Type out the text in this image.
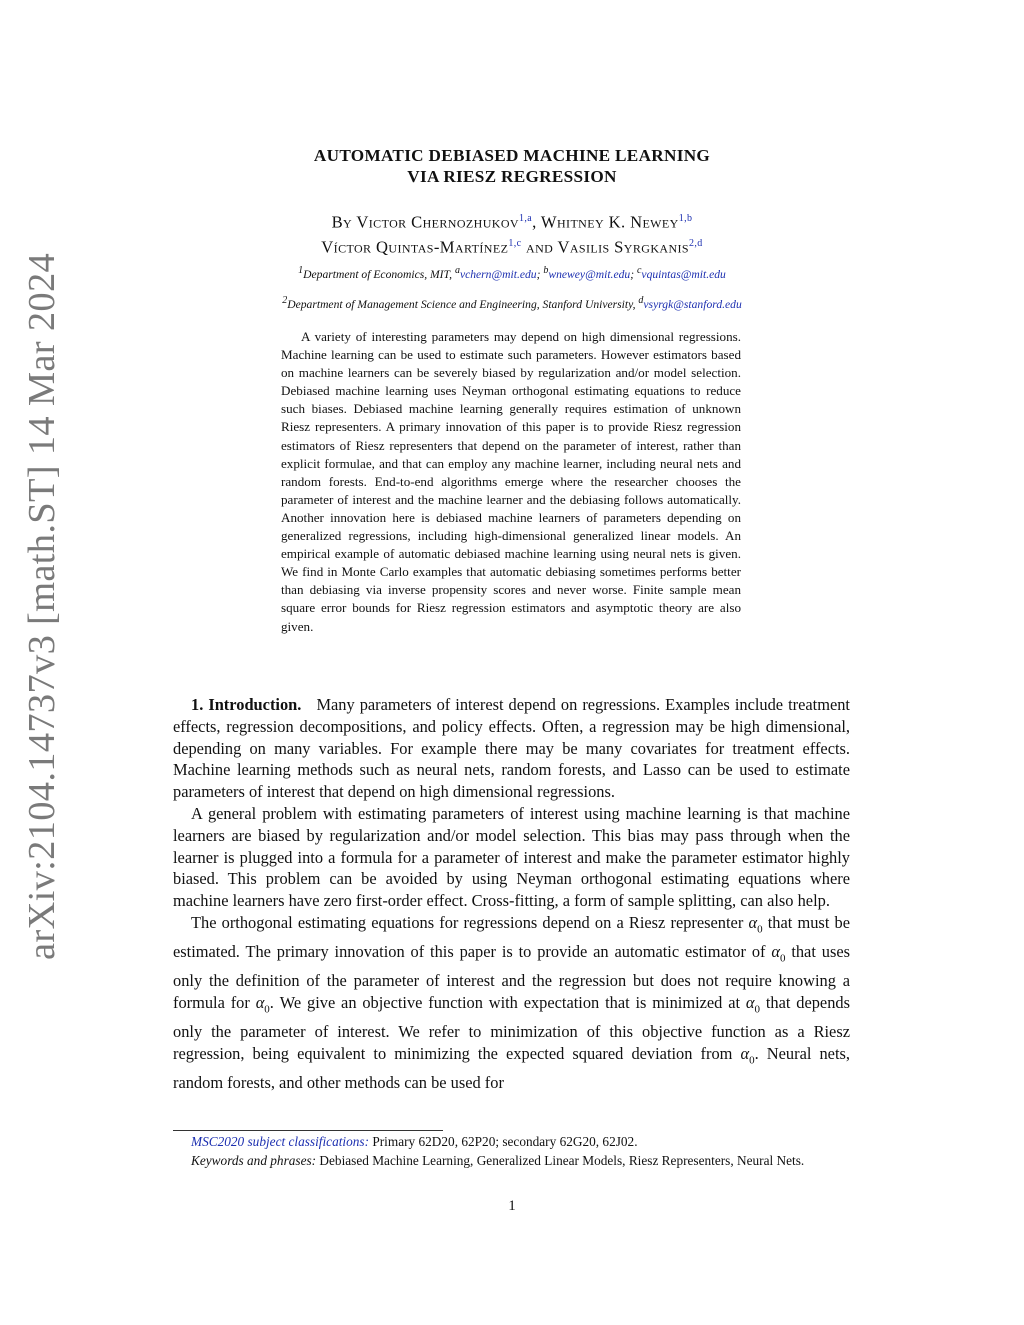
arXiv:2104.14737v3 [math.ST] 14 Mar 2024
AUTOMATIC DEBIASED MACHINE LEARNING
VIA RIESZ REGRESSION
By Victor Chernozhukov$^{1,a}$, Whitney K. Newey$^{1,b}$
Víctor Quintas-Martínez$^{1,c}$ and Vasilis Syrgkanis$^{2,d}$
$^1$Department of Economics, MIT, $^a$vchern@mit.edu; $^b$wnewey@mit.edu; $^c$vquintas@mit.edu
$^2$Department of Management Science and Engineering, Stanford University, $^d$vsyrgk@stanford.edu
A variety of interesting parameters may depend on high dimensional regressions. Machine learning can be used to estimate such parameters. However estimators based on machine learners can be severely biased by regularization and/or model selection. Debiased machine learning uses Neyman orthogonal estimating equations to reduce such biases. Debiased machine learning generally requires estimation of unknown Riesz representers. A primary innovation of this paper is to provide Riesz regression estimators of Riesz representers that depend on the parameter of interest, rather than explicit formulae, and that can employ any machine learner, including neural nets and random forests. End-to-end algorithms emerge where the researcher chooses the parameter of interest and the machine learner and the debiasing follows automatically. Another innovation here is debiased machine learners of parameters depending on generalized regressions, including high-dimensional generalized linear models. An empirical example of automatic debiased machine learning using neural nets is given. We find in Monte Carlo examples that automatic debiasing sometimes performs better than debiasing via inverse propensity scores and never worse. Finite sample mean square error bounds for Riesz regression estimators and asymptotic theory are also given.

1. Introduction. Many parameters of interest depend on regressions. Examples include treatment effects, regression decompositions, and policy effects. Often, a regression may be high dimensional, depending on many variables. For example there may be many covariates for treatment effects. Machine learning methods such as neural nets, random forests, and Lasso can be used to estimate parameters of interest that depend on high dimensional regressions.

A general problem with estimating parameters of interest using machine learning is that machine learners are biased by regularization and/or model selection. This bias may pass through when the learner is plugged into a formula for a parameter of interest and make the parameter estimator highly biased. This problem can be avoided by using Neyman orthogonal estimating equations where machine learners have zero first-order effect. Cross-fitting, a form of sample splitting, can also help.

The orthogonal estimating equations for regressions depend on a Riesz representer $\alpha_0$ that must be estimated. The primary innovation of this paper is to provide an automatic estimator of $\alpha_0$ that uses only the definition of the parameter of interest and the regression but does not require knowing a formula for $\alpha_0$. We give an objective function with expectation that is minimized at $\alpha_0$ that depends only the parameter of interest. We refer to minimization of this objective function as a Riesz regression, being equivalent to minimizing the expected squared deviation from $\alpha_0$. Neural nets, random forests, and other methods can be used for

MSC2020 subject classifications: Primary 62D20, 62P20; secondary 62G20, 62J02.

Keywords and phrases: Debiased Machine Learning, Generalized Linear Models, Riesz Representers, Neural Nets.

1
